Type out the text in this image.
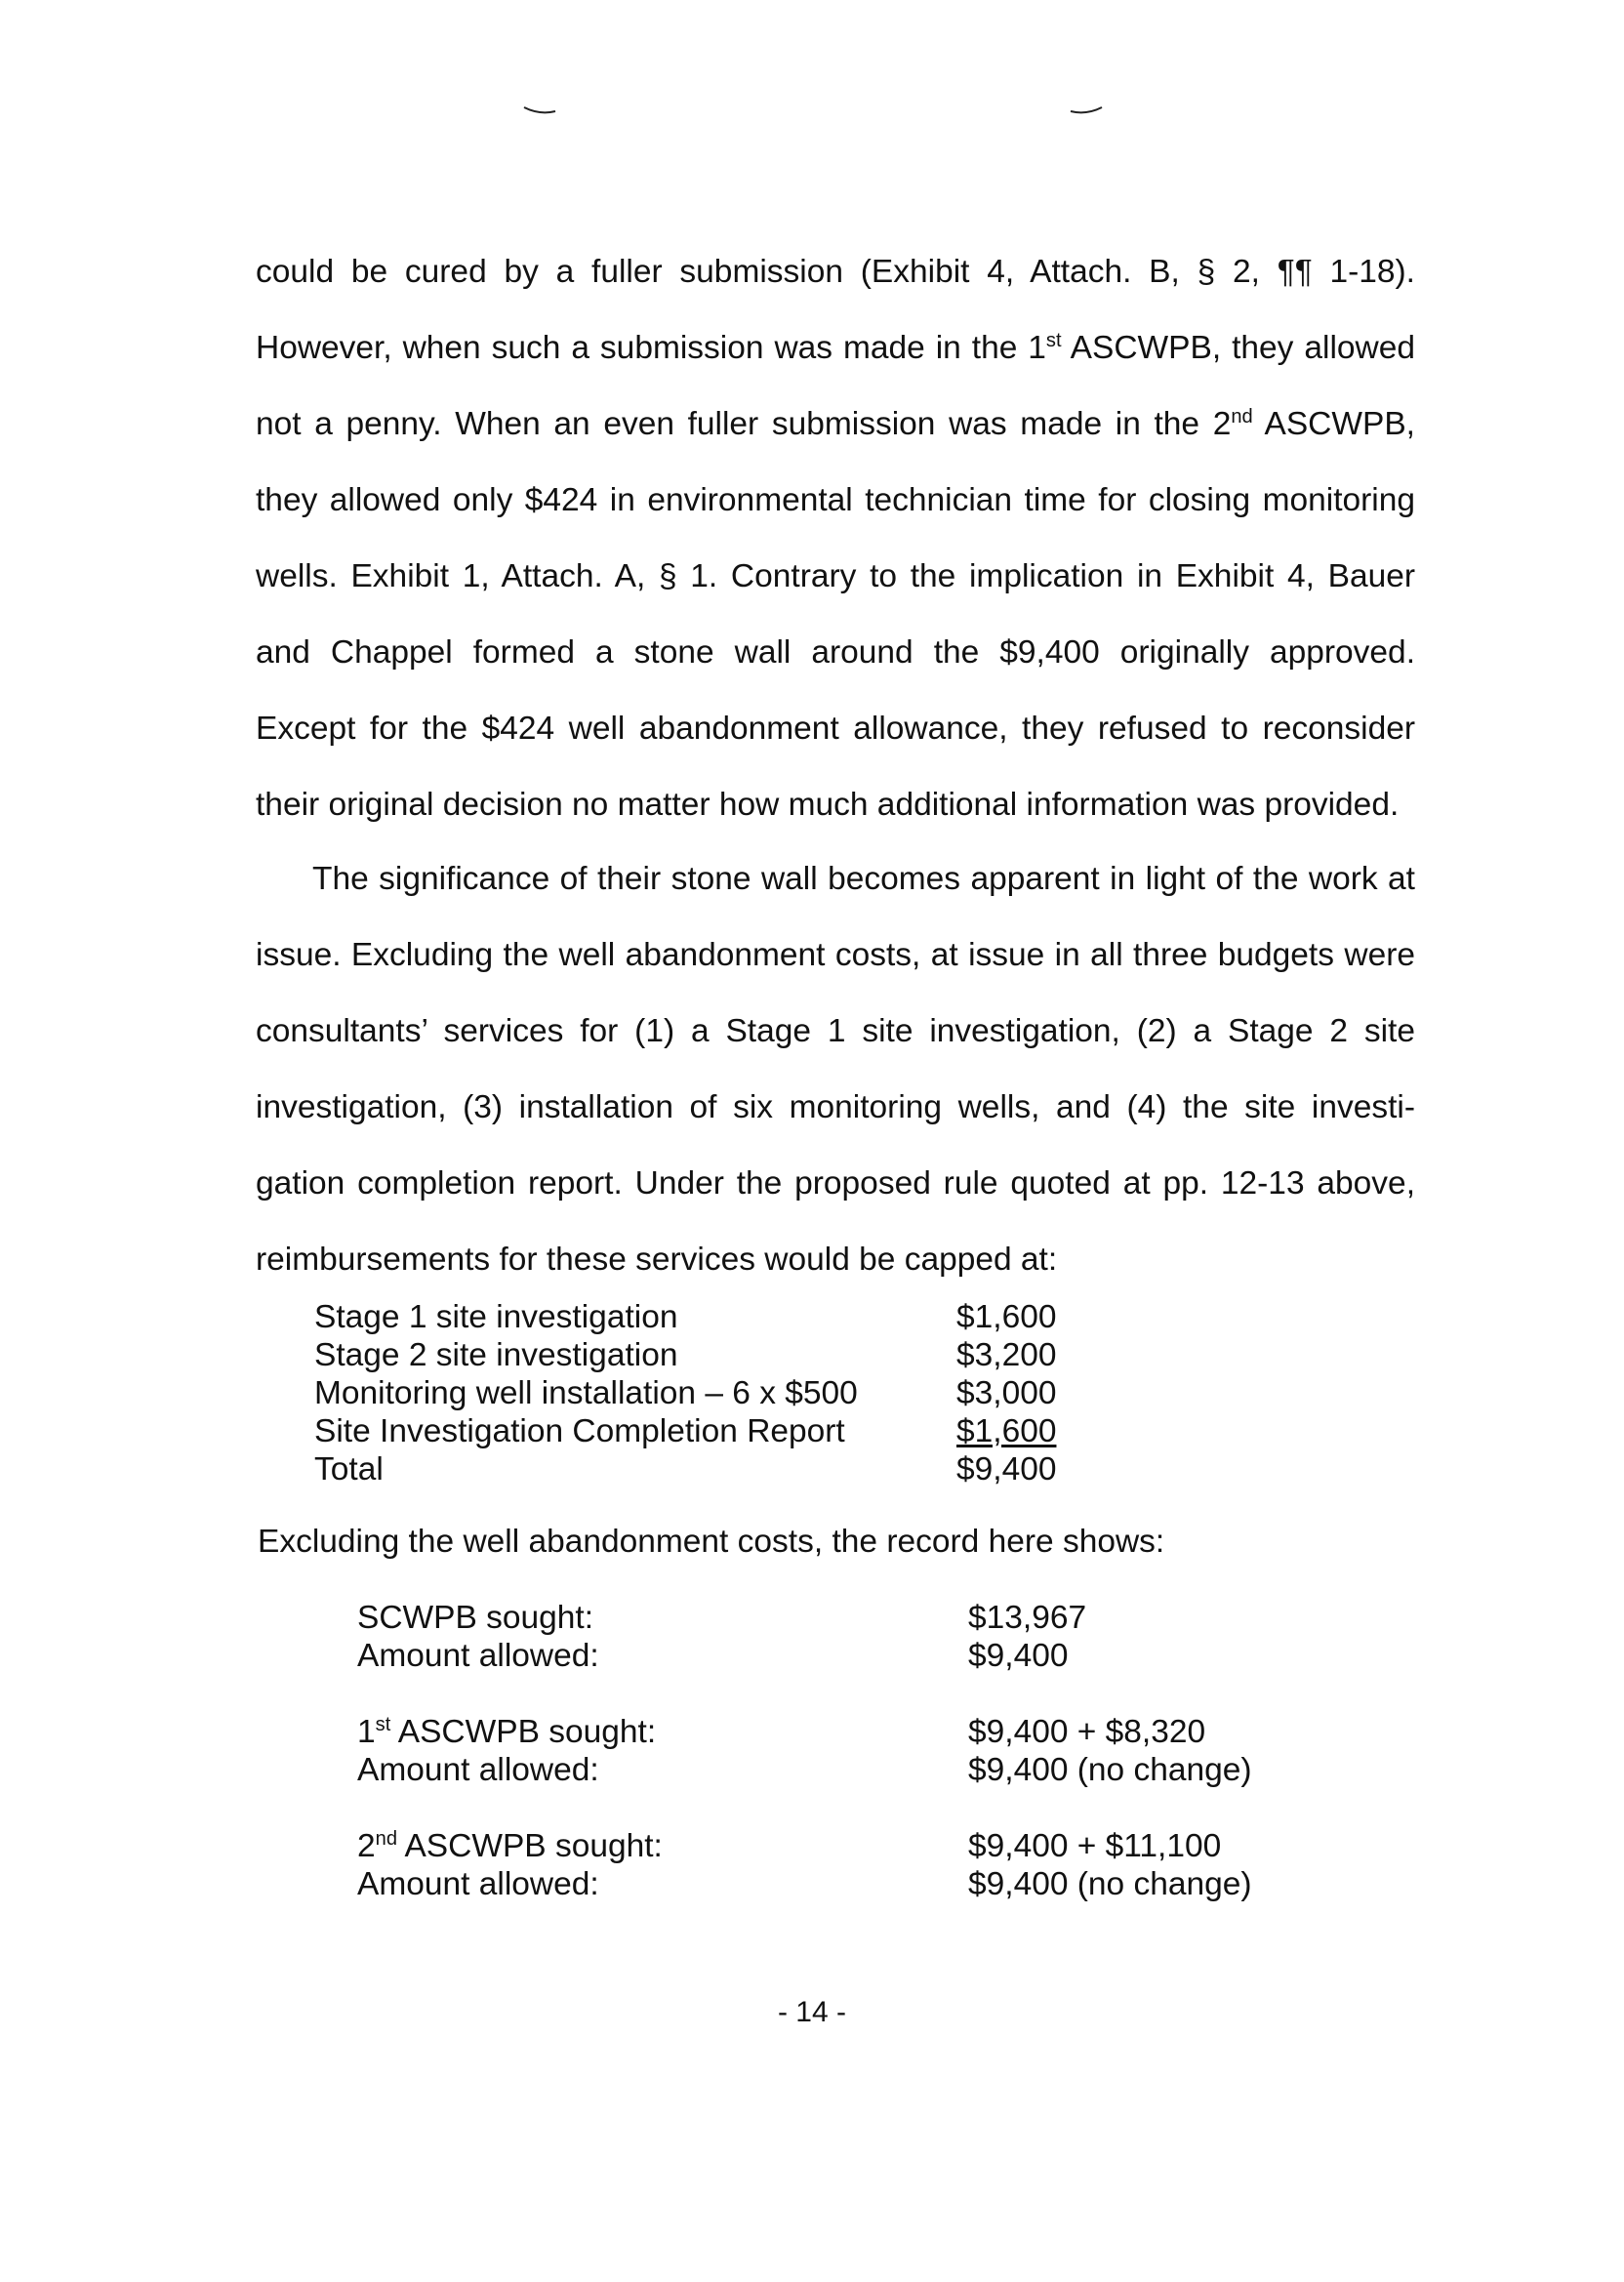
could be cured by a fuller submission (Exhibit 4, Attach. B, § 2, ¶¶ 1-18).
However, when such a submission was made in the 1st ASCWPB, they allowed
not a penny. When an even fuller submission was made in the 2nd ASCWPB,
they allowed only $424 in environmental technician time for closing monitoring
wells. Exhibit 1, Attach. A, § 1. Contrary to the implication in Exhibit 4, Bauer
and Chappel formed a stone wall around the $9,400 originally approved.
Except for the $424 well abandonment allowance, they refused to reconsider
their original decision no matter how much additional information was provided.
The significance of their stone wall becomes apparent in light of the work at
issue. Excluding the well abandonment costs, at issue in all three budgets were
consultants’ services for (1) a Stage 1 site investigation, (2) a Stage 2 site
investigation, (3) installation of six monitoring wells, and (4) the site investi-
gation completion report. Under the proposed rule quoted at pp. 12-13 above,
reimbursements for these services would be capped at:
Stage 1 site investigation	$1,600
Stage 2 site investigation	$3,200
Monitoring well installation – 6 x $500	$3,000
Site Investigation Completion Report	$1,600
Total	$9,400
Excluding the well abandonment costs, the record here shows:
SCWPB sought:	$13,967
Amount allowed:	$9,400
1st ASCWPB sought:	$9,400 + $8,320
Amount allowed:	$9,400 (no change)
2nd ASCWPB sought:	$9,400 + $11,100
Amount allowed:	$9,400 (no change)
- 14 -
